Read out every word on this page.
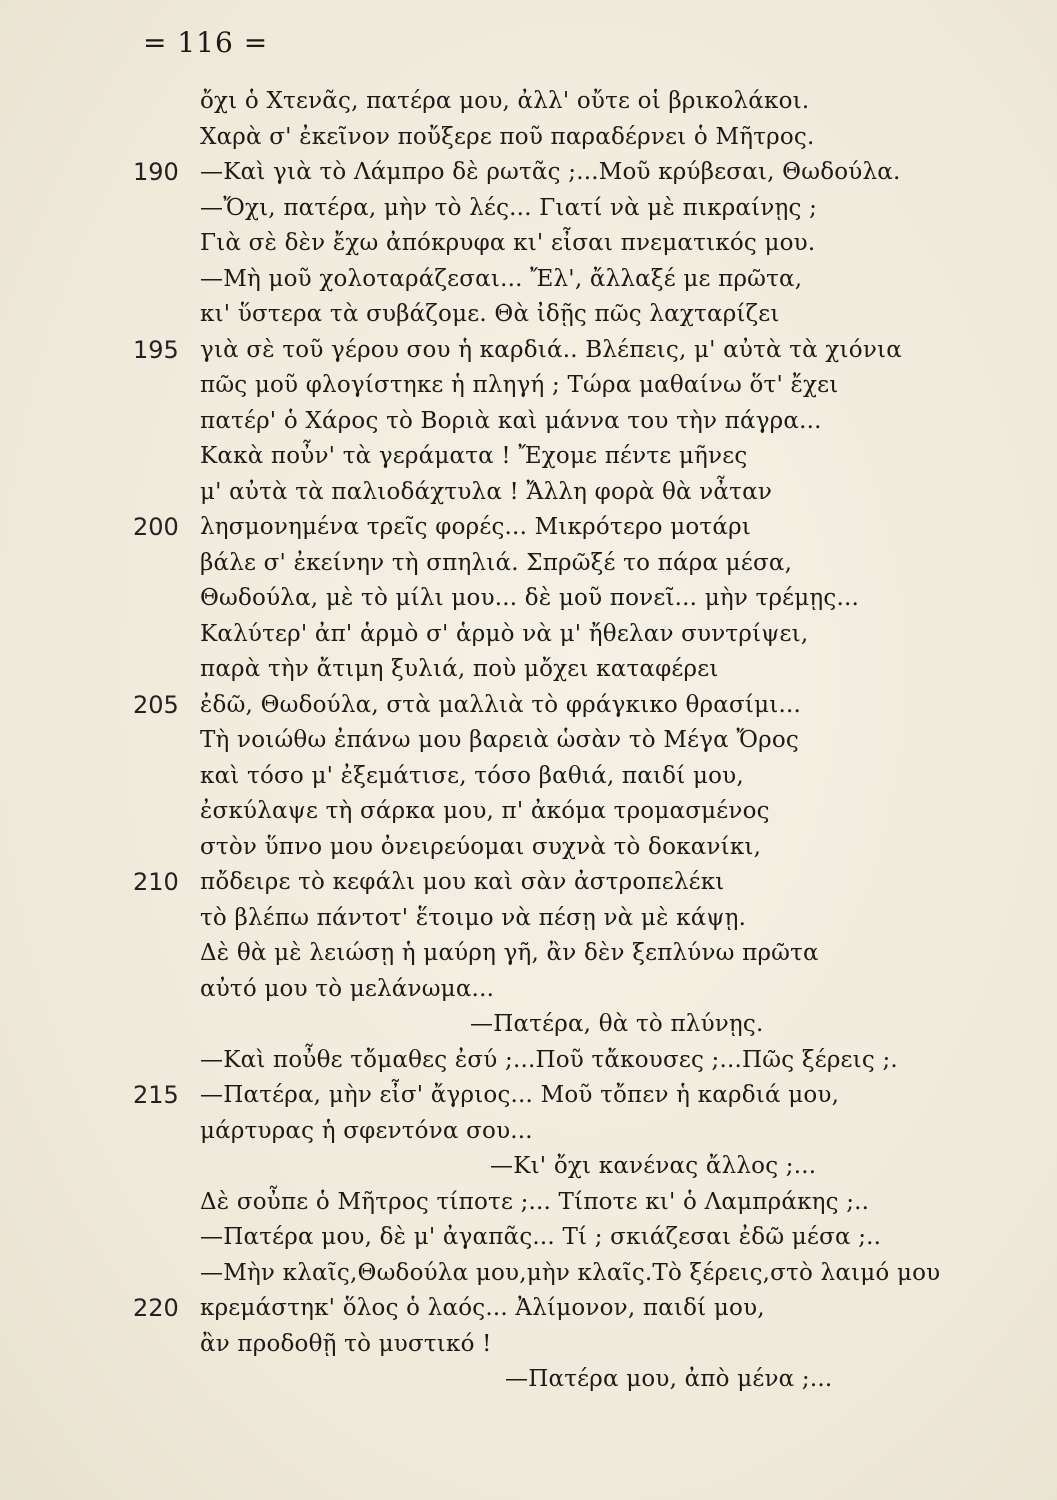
= 116 =
ὄχι ὁ Χτενᾶς, πατέρα μου, ἀλλ' οὔτε οἱ βρικολάκοι.
Χαρὰ σ' ἐκεῖνον ποὔξερε ποῦ παραδέρνει ὁ Μῆτρος.
190 —Καὶ γιὰ τὸ Λάμπρο δὲ ρωτᾶς ;...Μοῦ κρύβεσαι, Θωδούλα.
—Ὄχι, πατέρα, μὴν τὸ λές... Γιατί νὰ μὲ πικραίνῃς ;
Γιὰ σὲ δὲν ἔχω ἀπόκρυφα κι' εἶσαι πνεματικός μου.
—Μὴ μοῦ χολοταράζεσαι... Ἔλ', ἄλλαξέ με πρῶτα,
κι' ὕστερα τὰ συβάζομε. Θὰ ἰδῇς πῶς λαχταρίζει
195 γιὰ σὲ τοῦ γέρου σου ἡ καρδιά.. Βλέπεις, μ' αὐτὰ τὰ χιόνια
πῶς μοῦ φλογίστηκε ἡ πληγή ; Τώρα μαθαίνω ὅτ' ἔχει
πατέρ' ὁ Χάρος τὸ Βοριὰ καὶ μάννα του τὴν πάγρα...
Κακὰ ποὖν' τὰ γεράματα ! Ἔχομε πέντε μῆνες
μ' αὐτὰ τὰ παλιοδάχτυλα ! Ἄλλη φορὰ θὰ νἆταν
200 λησμονημένα τρεῖς φορές... Μικρότερο μοτάρι
βάλε σ' ἐκείνην τὴ σπηλιά. Σπρῶξέ το πάρα μέσα,
Θωδούλα, μὲ τὸ μίλι μου... δὲ μοῦ πονεῖ... μὴν τρέμῃς...
Καλύτερ' ἀπ' ἁρμὸ σ' ἁρμὸ νὰ μ' ἤθελαν συντρίψει,
παρὰ τὴν ἄτιμη ξυλιά, ποὺ μὄχει καταφέρει
205 ἐδῶ, Θωδούλα, στὰ μαλλιὰ τὸ φράγκικο θρασίμι...
Τὴ νοιώθω ἐπάνω μου βαρειὰ ὡσὰν τὸ Μέγα Ὄρος
καὶ τόσο μ' ἐξεμάτισε, τόσο βαθιά, παιδί μου,
ἐσκύλαψε τὴ σάρκα μου, π' ἀκόμα τρομασμένος
στὸν ὕπνο μου ὀνειρεύομαι συχνὰ τὸ δοκανίκι,
210 πὄδειρε τὸ κεφάλι μου καὶ σὰν ἀστροπελέκι
τὸ βλέπω πάντοτ' ἕτοιμο νὰ πέσῃ νὰ μὲ κάψῃ.
Δὲ θὰ μὲ λειώσῃ ἡ μαύρη γῆ, ἂν δὲν ξεπλύνω πρῶτα
αὐτό μου τὸ μελάνωμα...
—Πατέρα, θὰ τὸ πλύνῃς.
—Καὶ ποὖθε τὄμαθες ἐσύ ;...Ποῦ τἄκουσες ;...Πῶς ξέρεις ;.
215 —Πατέρα, μὴν εἶσ' ἄγριος... Μοῦ τὄπεν ἡ καρδιά μου,
μάρτυρας ἡ σφεντόνα σου...
—Κι' ὄχι κανένας ἄλλος ;...
Δὲ σοὖπε ὁ Μῆτρος τίποτε ;... Τίποτε κι' ὁ Λαμπράκης ;..
—Πατέρα μου, δὲ μ' ἀγαπᾶς... Τί ; σκιάζεσαι ἐδῶ μέσα ;..
—Μὴν κλαῖς,Θωδούλα μου,μὴν κλαῖς.Τὸ ξέρεις,στὸ λαιμό μου
220 κρεμάστηκ' ὅλος ὁ λαός... Ἀλίμονον, παιδί μου,
ἂν προδοθῇ τὸ μυστικό !
—Πατέρα μου, ἀπὸ μένα ;...
